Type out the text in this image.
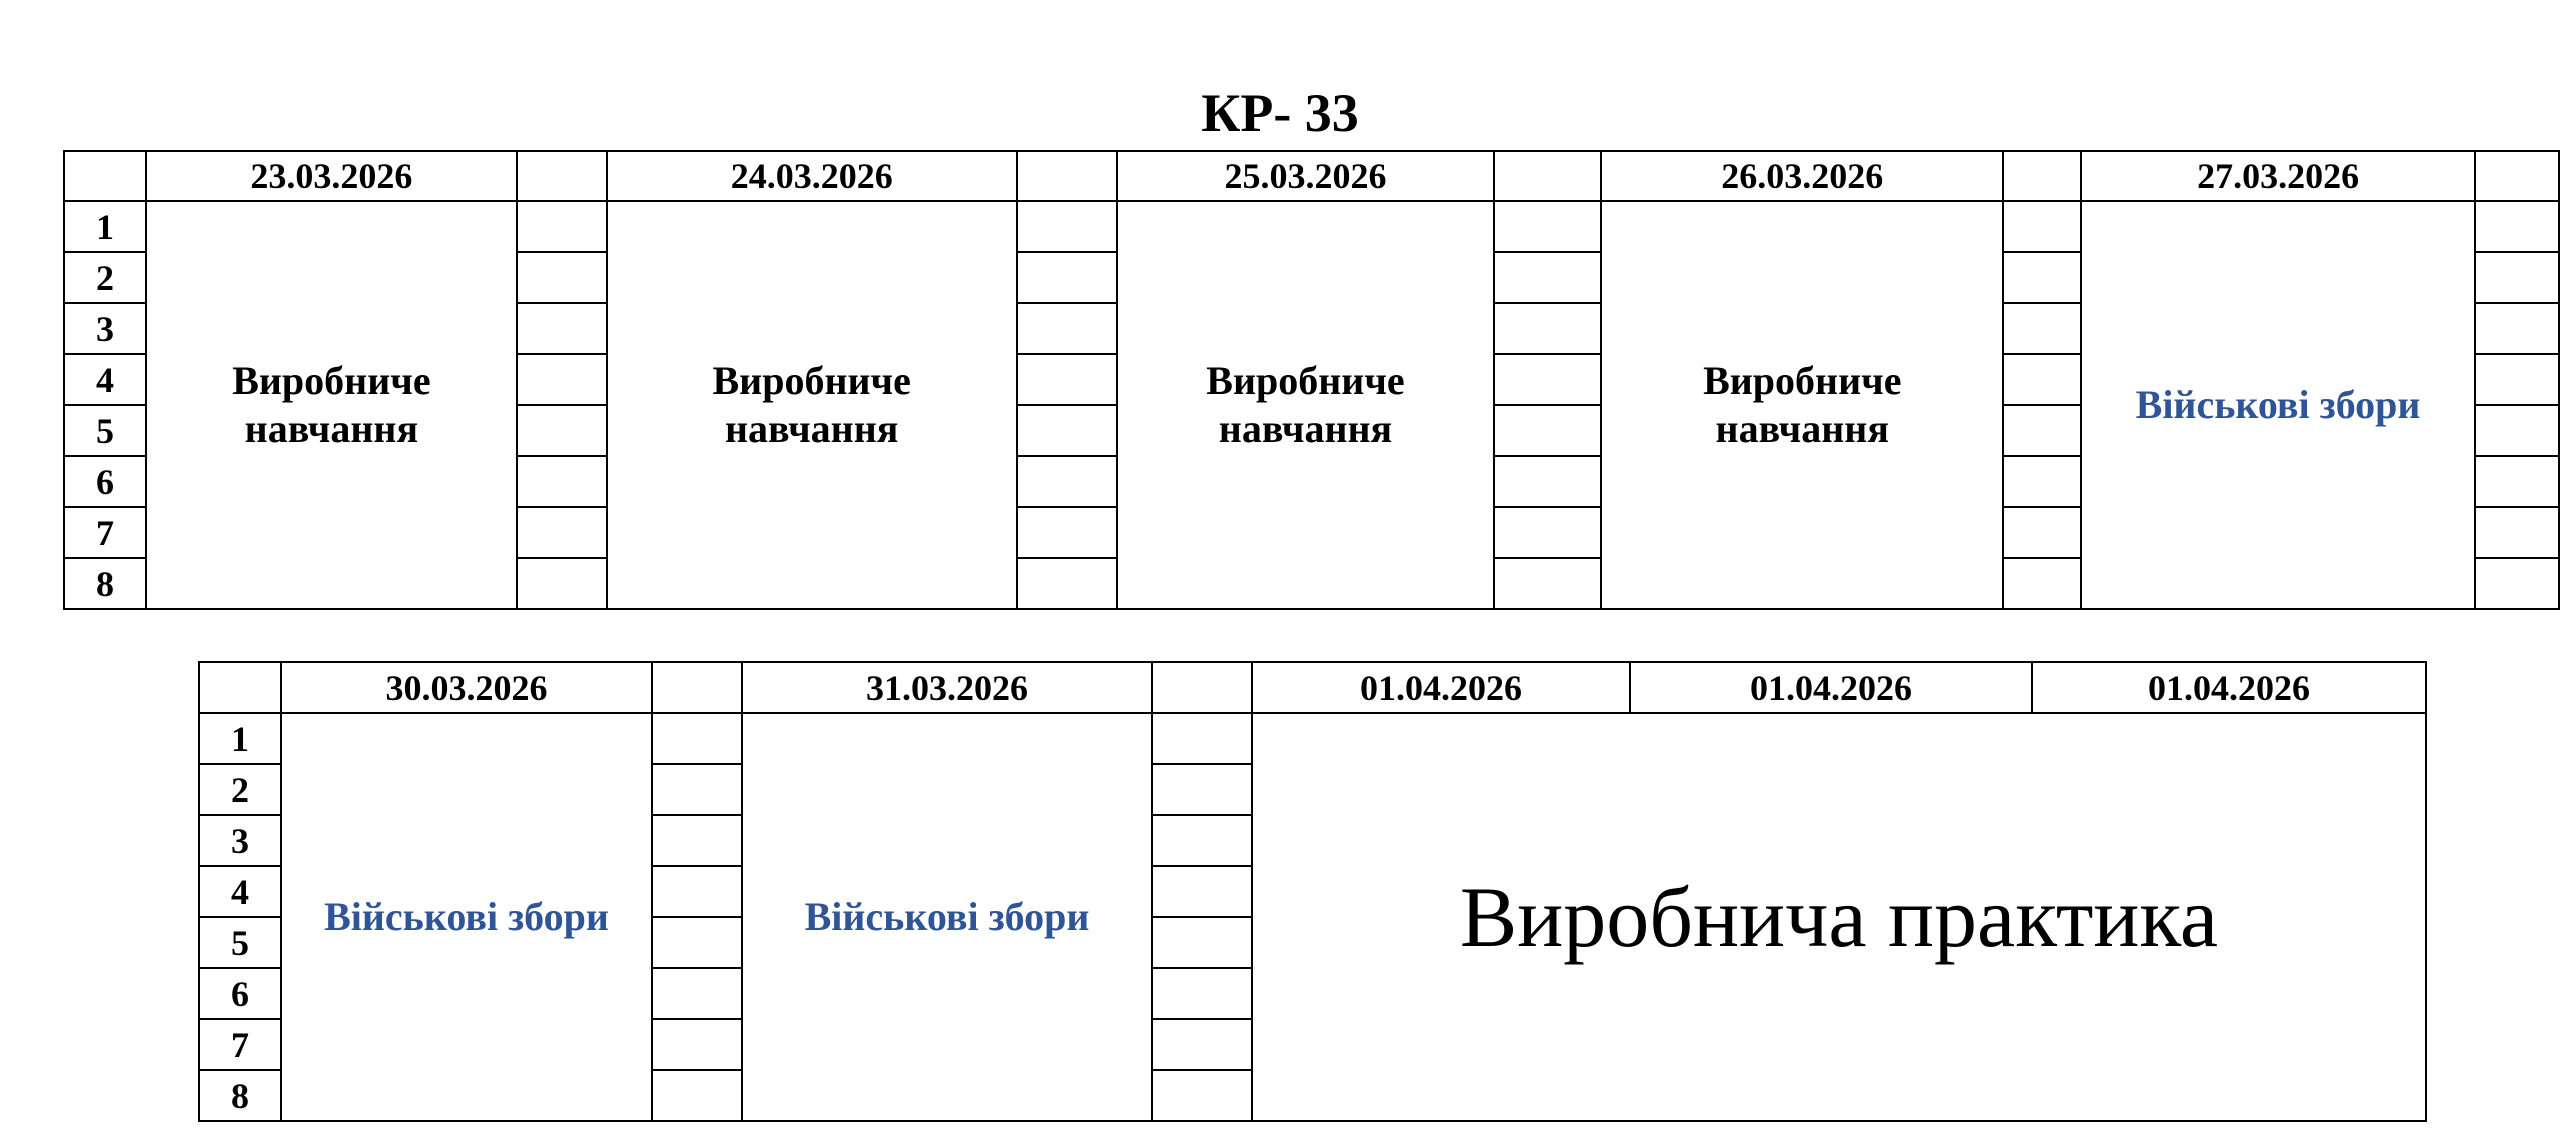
КР- 33
	23.03.2026		24.03.2026		25.03.2026		26.03.2026		27.03.2026	
1	Виробниче навчання		Виробниче навчання		Виробниче навчання		Виробниче навчання		Військові збори	

2										
3										
4										
5										
6										
7										
8										
	30.03.2026		31.03.2026		01.04.2026	01.04.2026	01.04.2026
1	Військові збори		Військові збори		Виробнича практика		

2							
3							
4							
5							
6							
7							
8							
